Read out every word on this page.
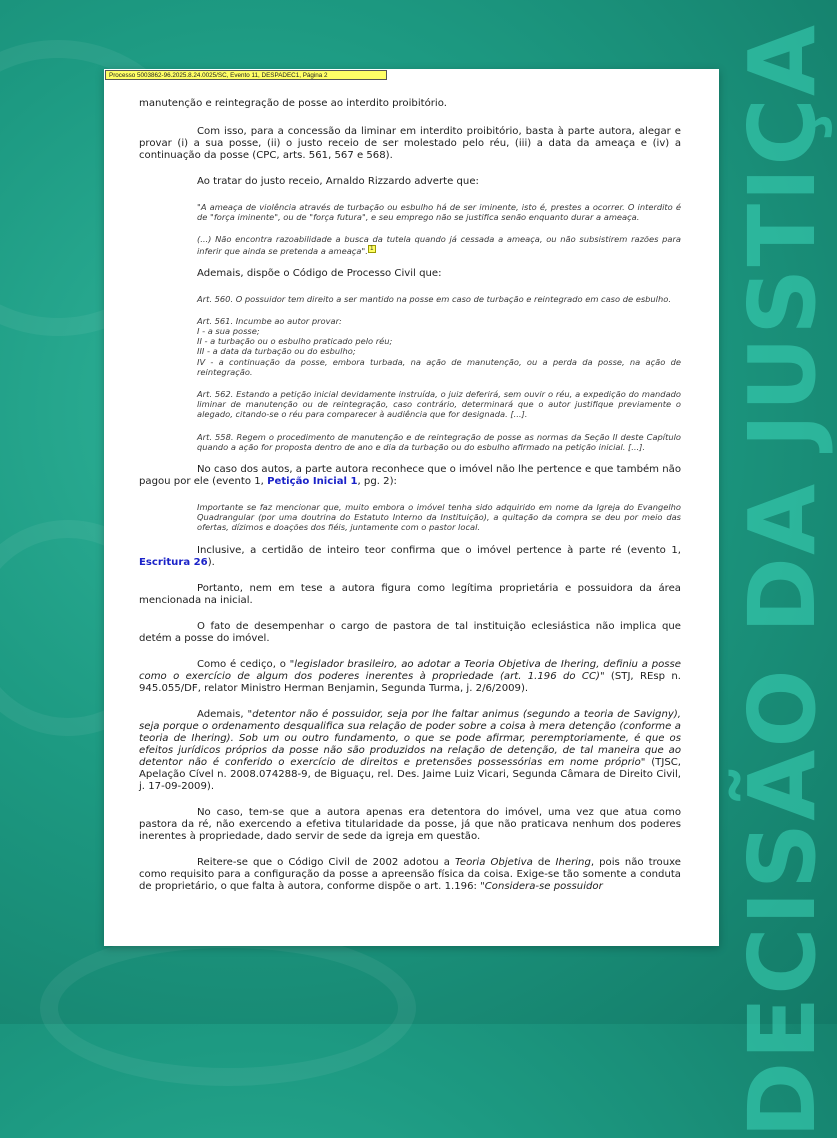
DECISÃO DA JUSTIÇA
Processo 5003862-96.2025.8.24.0025/SC, Evento 11, DESPADEC1, Página 2

manutenção e reintegração de posse ao interdito proibitório.

Com isso, para a concessão da liminar em interdito proibitório, basta à parte autora, alegar e provar (i) a sua posse, (ii) o justo receio de ser molestado pelo réu, (iii) a data da ameaça e (iv) a continuação da posse (CPC, arts. 561, 567 e 568).

Ao tratar do justo receio, Arnaldo Rizzardo adverte que:

"A ameaça de violência através de turbação ou esbulho há de ser iminente, isto é, prestes a ocorrer. O interdito é de "força iminente", ou de "força futura", e seu emprego não se justifica senão enquanto durar a ameaça.

(...) Não encontra razoabilidade a busca da tutela quando já cessada a ameaça, ou não subsistirem razões para inferir que ainda se pretenda a ameaça". 1

Ademais, dispõe o Código de Processo Civil que:

Art. 560. O possuidor tem direito a ser mantido na posse em caso de turbação e reintegrado em caso de esbulho.

Art. 561. Incumbe ao autor provar:
I - a sua posse;
II - a turbação ou o esbulho praticado pelo réu;
III - a data da turbação ou do esbulho;
IV - a continuação da posse, embora turbada, na ação de manutenção, ou a perda da posse, na ação de reintegração.

Art. 562. Estando a petição inicial devidamente instruída, o juiz deferirá, sem ouvir o réu, a expedição do mandado liminar de manutenção ou de reintegração, caso contrário, determinará que o autor justifique previamente o alegado, citando-se o réu para comparecer à audiência que for designada. [...].

Art. 558. Regem o procedimento de manutenção e de reintegração de posse as normas da Seção II deste Capítulo quando a ação for proposta dentro de ano e dia da turbação ou do esbulho afirmado na petição inicial. [...].

No caso dos autos, a parte autora reconhece que o imóvel não lhe pertence e que também não pagou por ele (evento 1, Petição Inicial 1, pg. 2):

Importante se faz mencionar que, muito embora o imóvel tenha sido adquirido em nome da Igreja do Evangelho Quadrangular (por uma doutrina do Estatuto Interno da Instituição), a quitação da compra se deu por meio das ofertas, dízimos e doações dos fiéis, juntamente com o pastor local.

Inclusive, a certidão de inteiro teor confirma que o imóvel pertence à parte ré (evento 1, Escritura 26).

Portanto, nem em tese a autora figura como legítima proprietária e possuidora da área mencionada na inicial.

O fato de desempenhar o cargo de pastora de tal instituição eclesiástica não implica que detém a posse do imóvel.

Como é cediço, o "legislador brasileiro, ao adotar a Teoria Objetiva de Ihering, definiu a posse como o exercício de algum dos poderes inerentes à propriedade (art. 1.196 do CC)" (STJ, REsp n. 945.055/DF, relator Ministro Herman Benjamin, Segunda Turma, j. 2/6/2009).

Ademais, "detentor não é possuidor, seja por lhe faltar animus (segundo a teoria de Savigny), seja porque o ordenamento desqualifica sua relação de poder sobre a coisa à mera detenção (conforme a teoria de Ihering). Sob um ou outro fundamento, o que se pode afirmar, peremptoriamente, é que os efeitos jurídicos próprios da posse não são produzidos na relação de detenção, de tal maneira que ao detentor não é conferido o exercício de direitos e pretensões possessórias em nome próprio" (TJSC, Apelação Cível n. 2008.074288-9, de Biguaçu, rel. Des. Jaime Luiz Vicari, Segunda Câmara de Direito Civil, j. 17-09-2009).

No caso, tem-se que a autora apenas era detentora do imóvel, uma vez que atua como pastora da ré, não exercendo a efetiva titularidade da posse, já que não praticava nenhum dos poderes inerentes à propriedade, dado servir de sede da igreja em questão.

Reitere-se que o Código Civil de 2002 adotou a Teoria Objetiva de Ihering, pois não trouxe como requisito para a configuração da posse a apreensão física da coisa. Exige-se tão somente a conduta de proprietário, o que falta à autora, conforme dispõe o art. 1.196: "Considera-se possuidor
